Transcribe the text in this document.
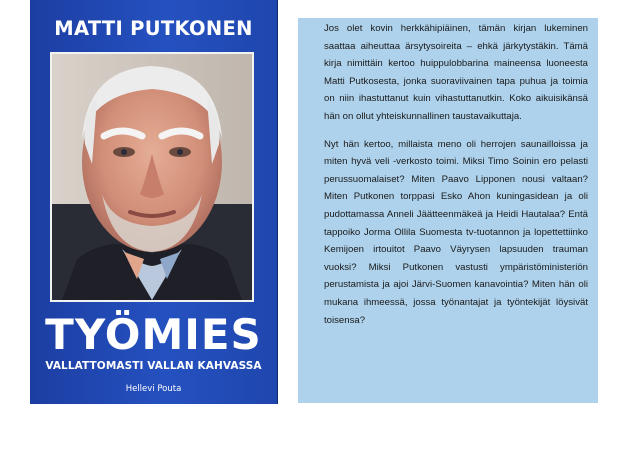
MATTI PUTKONEN
TYÖMIES
VALLATTOMASTI VALLAN KAHVASSA
Hellevi Pouta

Jos olet kovin herkkähipiäinen, tämän kirjan lukeminen saattaa aiheuttaa ärsytysoireita – ehkä järkytystäkin. Tämä kirja nimittäin kertoo huippulobbarina maineensa luoneesta Matti Putkosesta, jonka suoraviivainen tapa puhua ja toimia on niin ihastuttanut kuin vihastuttanutkin. Koko aikuisikänsä hän on ollut yhteiskunnallinen taustavaikuttaja.

Nyt hän kertoo, millaista meno oli herrojen saunailloissa ja miten hyvä veli -verkosto toimi. Miksi Timo Soinin ero pelasti perussuomalaiset? Miten Paavo Lipponen nousi valtaan? Miten Putkonen torppasi Esko Ahon kuningasidean ja oli pudottamassa Anneli Jäätteenmäkeä ja Heidi Hautalaa? Entä tappoiko Jorma Ollila Suomesta tv-tuotannon ja lopettettiinko Kemijoen irtouitot Paavo Väyrysen lapsuuden trauman vuoksi? Miksi Putkonen vastusti ympäristöministeriön perustamista ja ajoi Järvi-Suomen kanavointia? Miten hän oli mukana ihmeessä, jossa työnantajat ja työntekijät löysivät toisensa?
